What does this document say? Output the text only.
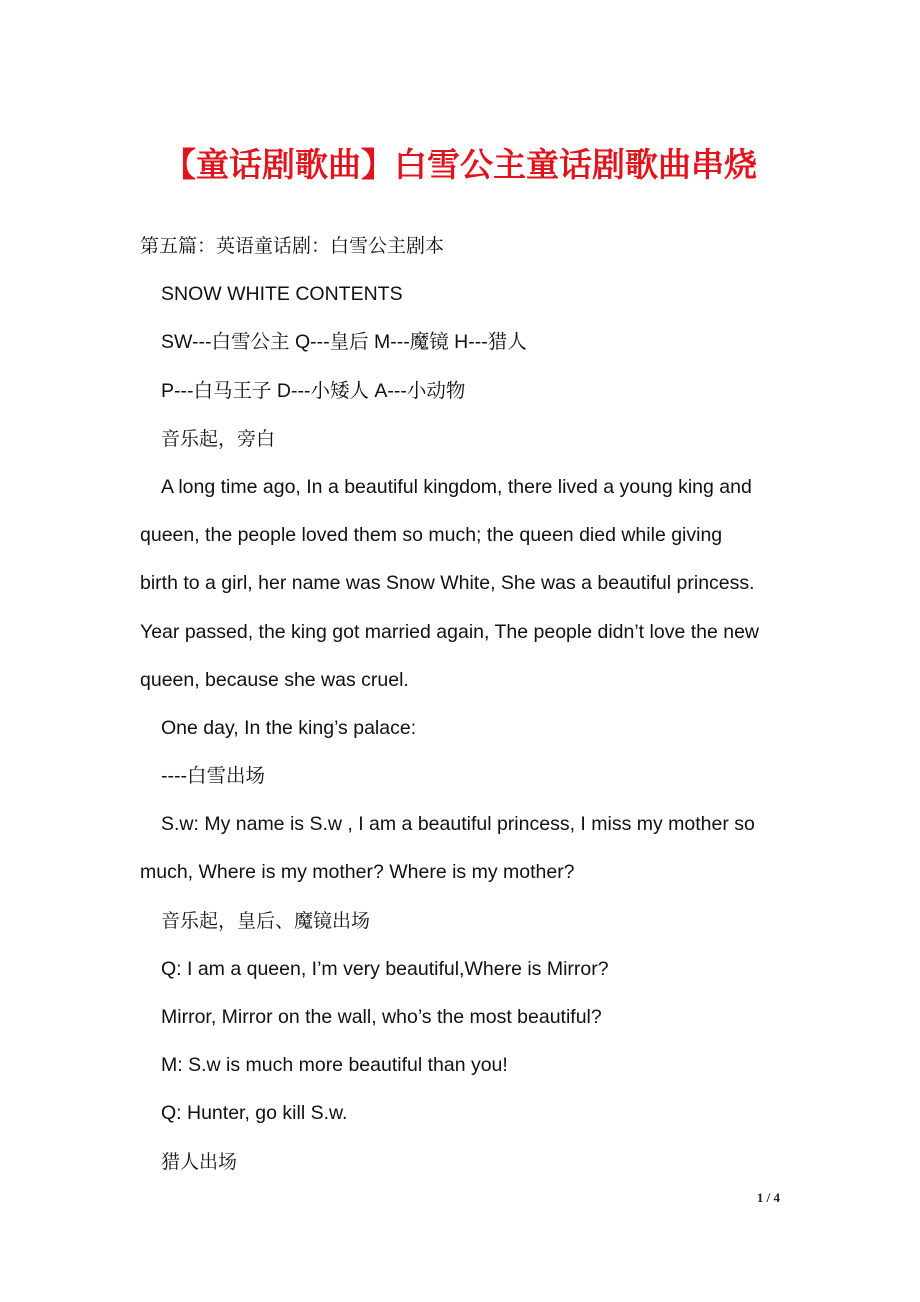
【童话剧歌曲】白雪公主童话剧歌曲串烧
第五篇：英语童话剧：白雪公主剧本
SNOW WHITE CONTENTS
SW---白雪公主 Q---皇后 M---魔镜 H---猎人
P---白马王子 D---小矮人 A---小动物
音乐起，旁白
A long time ago, In a beautiful kingdom, there lived a young king and
queen, the people loved them so much; the queen died while giving
birth to a girl, her name was Snow White, She was a beautiful princess.
Year passed, the king got married again, The people didn’t love the new
queen, because she was cruel.
One day, In the king’s palace:
----白雪出场
S.w: My name is S.w , I am a beautiful princess, I miss my mother so
much, Where is my mother? Where is my mother?
音乐起，皇后、魔镜出场
Q: I am a queen, I’m very beautiful,Where is Mirror?
Mirror, Mirror on the wall, who’s the most beautiful?
M: S.w is much more beautiful than you!
Q: Hunter, go kill S.w.
猎人出场
1 / 4
